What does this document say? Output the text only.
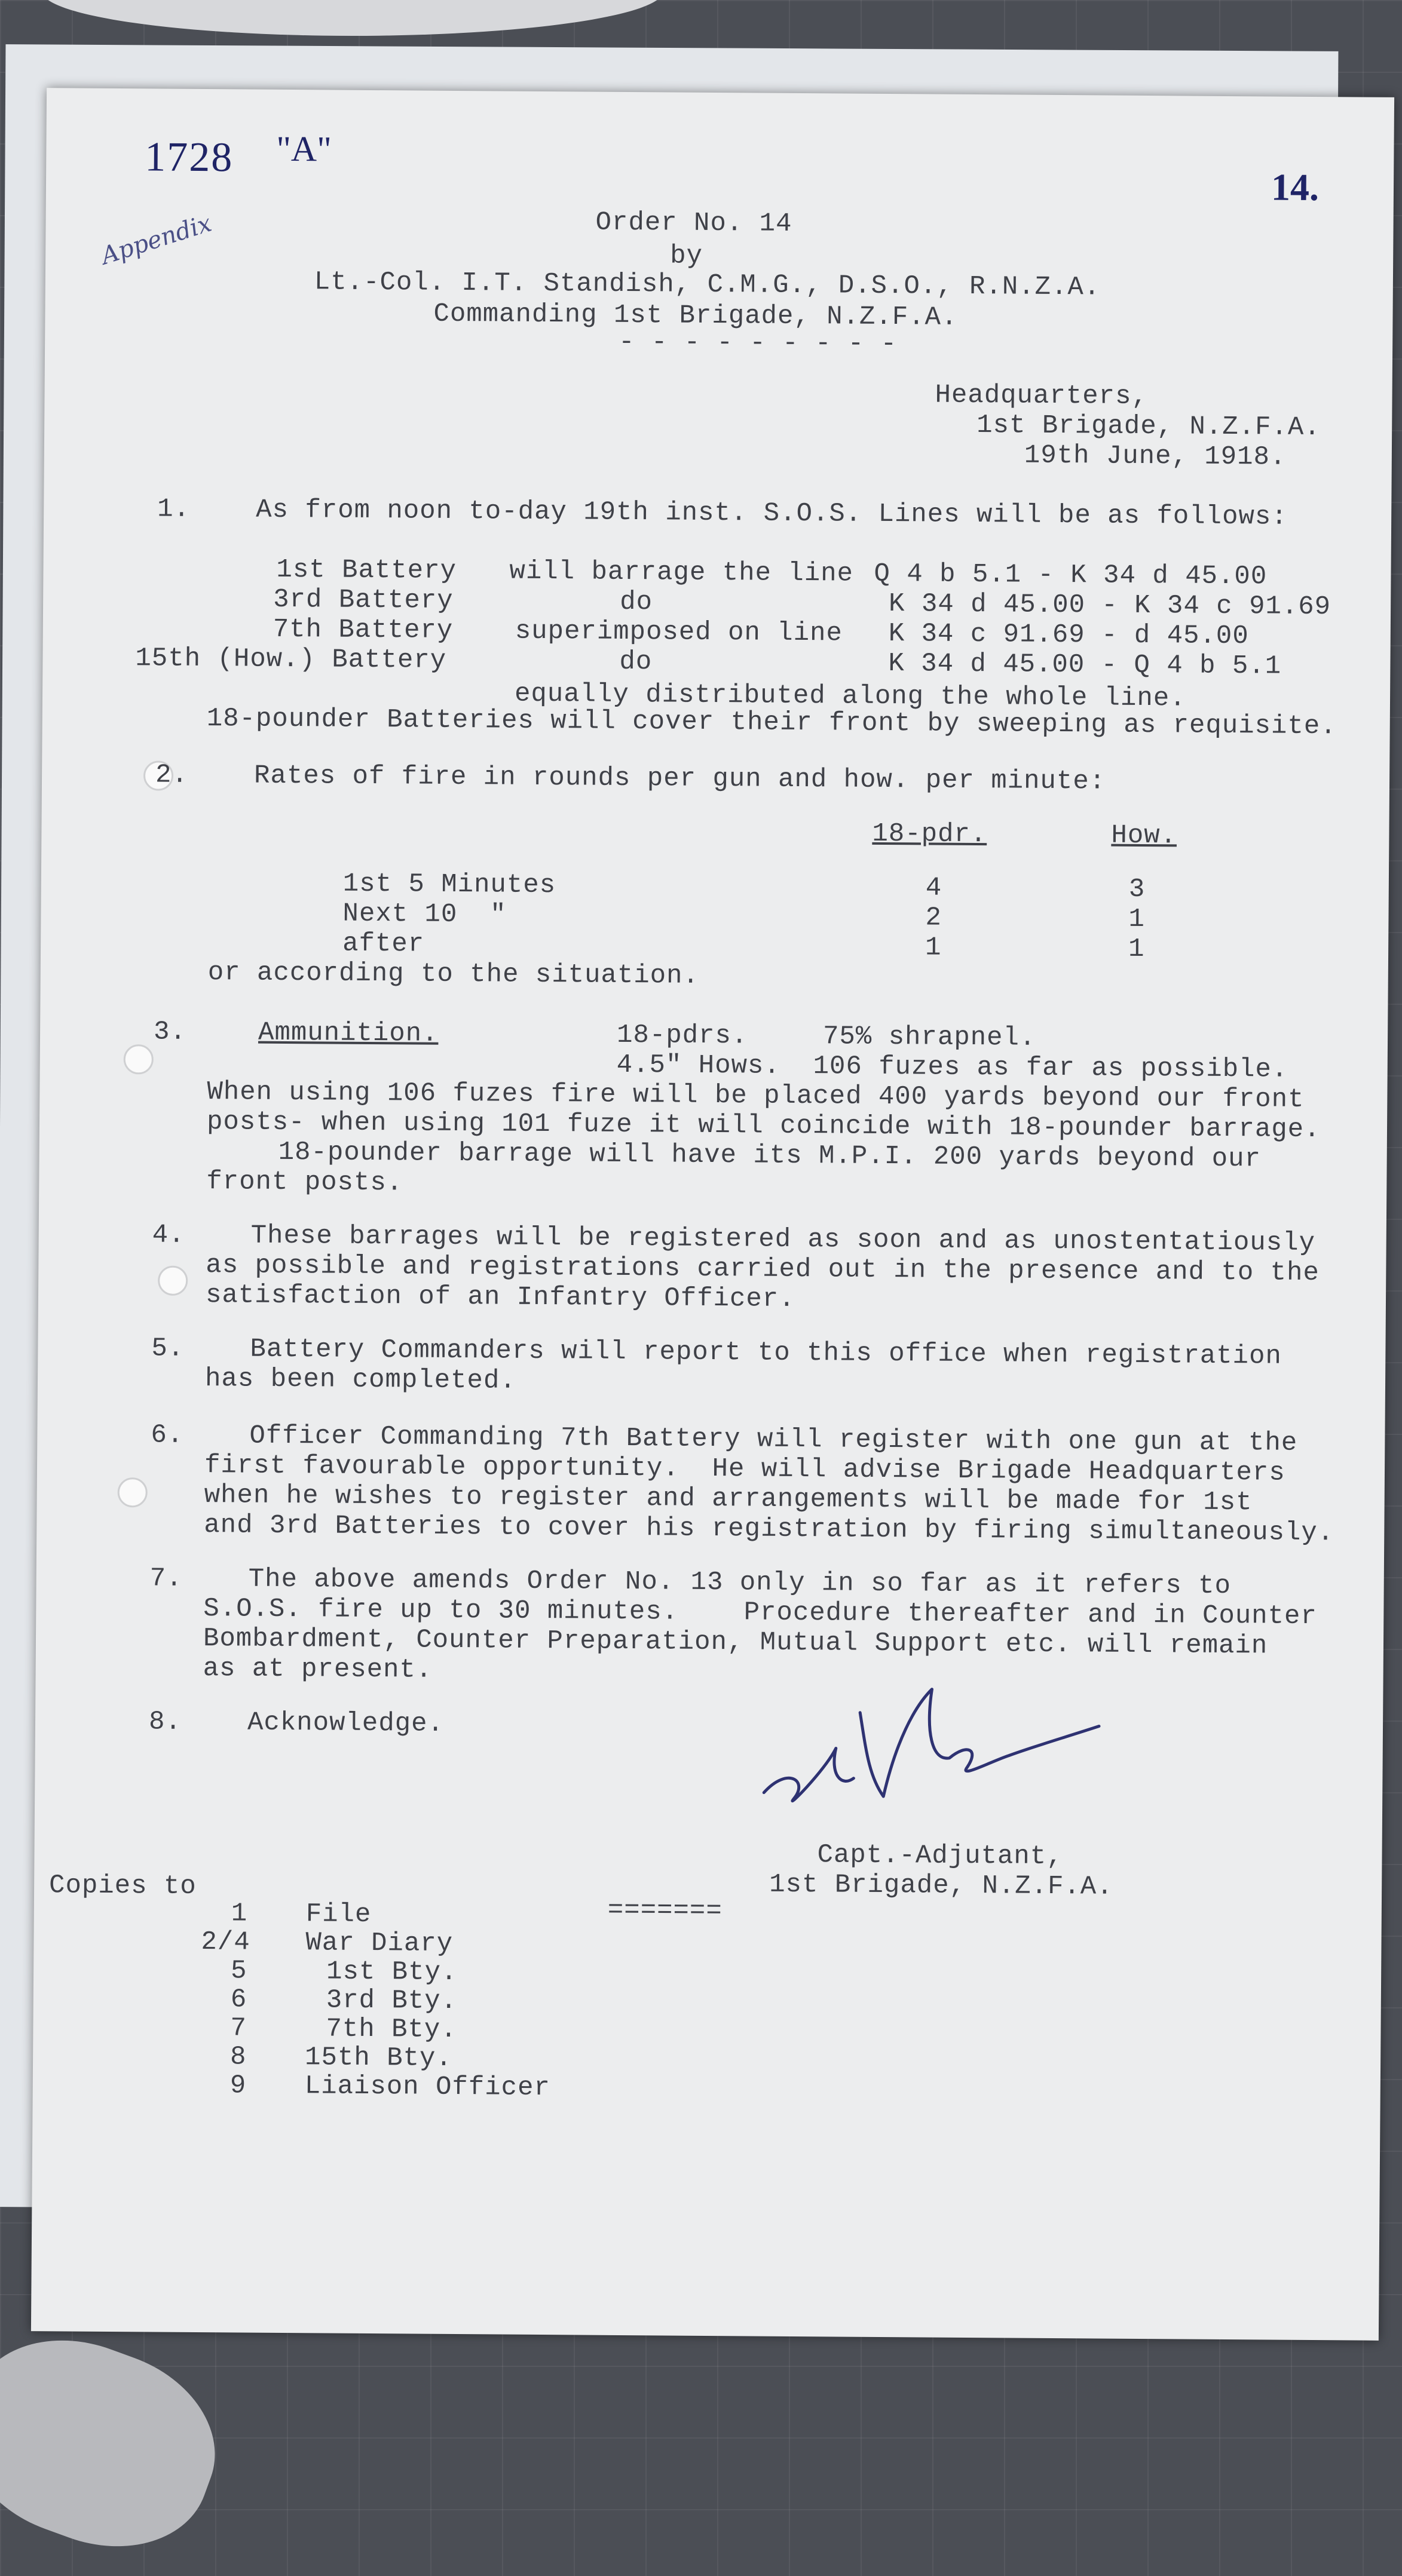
1728 "A"
Appendix
14.
Order No. 14
by
Lt.-Col. I.T. Standish, C.M.G., D.S.O., R.N.Z.A.
Commanding 1st Brigade, N.Z.F.A.
- - - - - - - - -
Headquarters,
1st Brigade, N.Z.F.A.
19th June, 1918.
1. As from noon to-day 19th inst. S.O.S. Lines will be as follows:
1st Battery will barrage the line Q 4 b 5.1 - K 34 d 45.00
3rd Battery	do	K 34 d 45.00 - K 34 c 91.69
7th Battery superimposed on line K 34 c 91.69 - d 45.00
15th (How.) Battery	do	K 34 d 45.00 - Q 4 b 5.1
equally distributed along the whole line.
18-pounder Batteries will cover their front by sweeping as requisite.
2. Rates of fire in rounds per gun and how. per minute:
18-pdr.	How.
1st 5 Minutes	4	3
Next 10  "	2	1
after	1	1
or according to the situation.
3.	Ammunition.	18-pdrs.	75% shrapnel.
4.5" Hows.  106 fuzes as far as possible.
When using 106 fuzes fire will be placed 400 yards beyond our front
posts- when using 101 fuze it will coincide with 18-pounder barrage.
18-pounder barrage will have its M.P.I. 200 yards beyond our
front posts.
4. These barrages will be registered as soon and as unostentatiously
as possible and registrations carried out in the presence and to the
satisfaction of an Infantry Officer.
5. Battery Commanders will report to this office when registration
has been completed.
6. Officer Commanding 7th Battery will register with one gun at the
first favourable opportunity.  He will advise Brigade Headquarters
when he wishes to register and arrangements will be made for 1st
and 3rd Batteries to cover his registration by firing simultaneously.
7. The above amends Order No. 13 only in so far as it refers to
S.O.S. fire up to 30 minutes.    Procedure thereafter and in Counter
Bombardment, Counter Preparation, Mutual Support etc. will remain
as at present.
8. Acknowledge.
Capt.-Adjutant,
1st Brigade, N.Z.F.A.
Copies to
=======
1 File
2/4 War Diary
5	1st Bty.
6	3rd Bty.
7	7th Bty.
8 15th Bty.
9 Liaison Officer
